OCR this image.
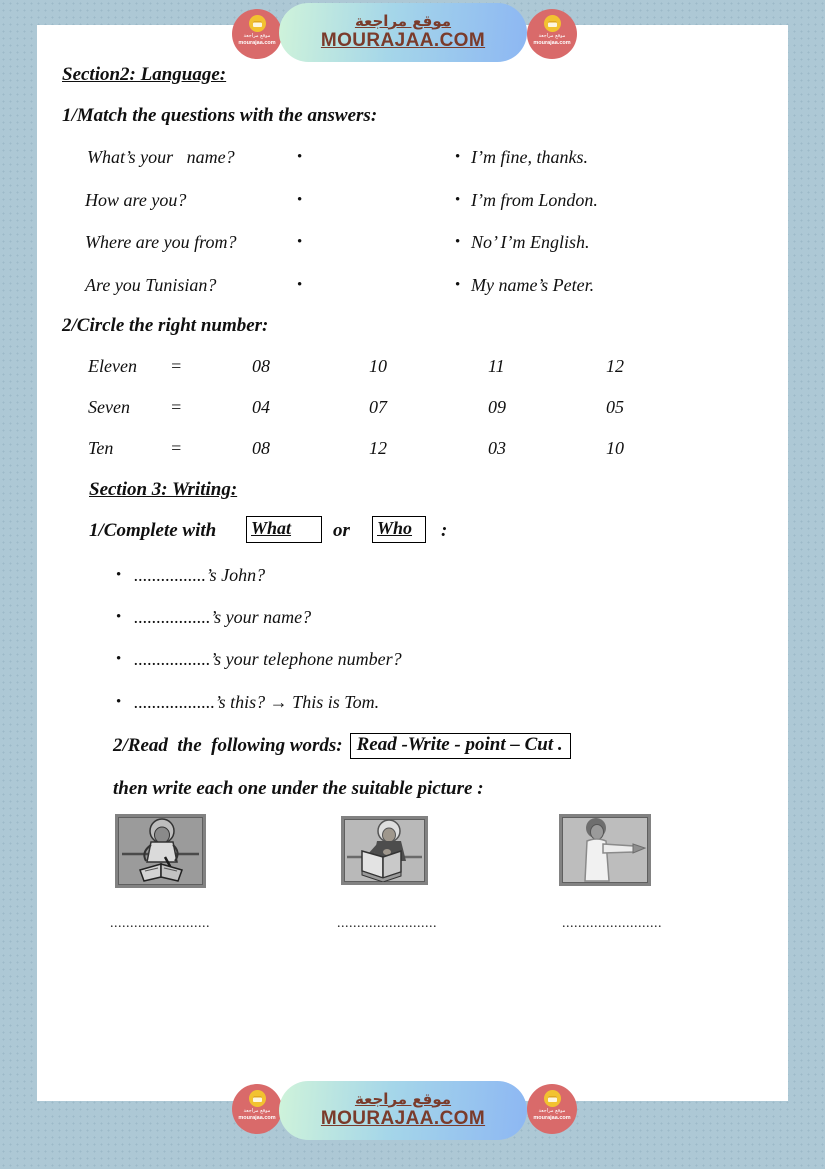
موقع مراجعة
mourajaa.com
موقع مراجعة
MOURAJAA.COM	موقع مراجعة
mourajaa.com
Section2: Language:
1/Match the questions with the answers:
What’s your   name?	•	• I’m fine, thanks.
How are you?	•	• I’m from London.
Where are you from?	•	• No’ I’m English.
Are you Tunisian?	•	• My name’s Peter.
2/Circle the right number:
Eleven =	08	10	11	12
Seven =	04	07	09	05
Ten	=	08	12	03	10
Section 3: Writing:
1/Complete with What	or Who	:
• ................’s John?
• .................’s your name?
• .................’s your telephone number?
• ..................’s this? → This is Tom.
2/Read  the  following words: Read -Write - point – Cut .
then write each one under the suitable picture :
.........................	.........................	.........................
موقع مراجعة
mourajaa.com
موقع مراجعة
MOURAJAA.COM	موقع مراجعة
mourajaa.com
